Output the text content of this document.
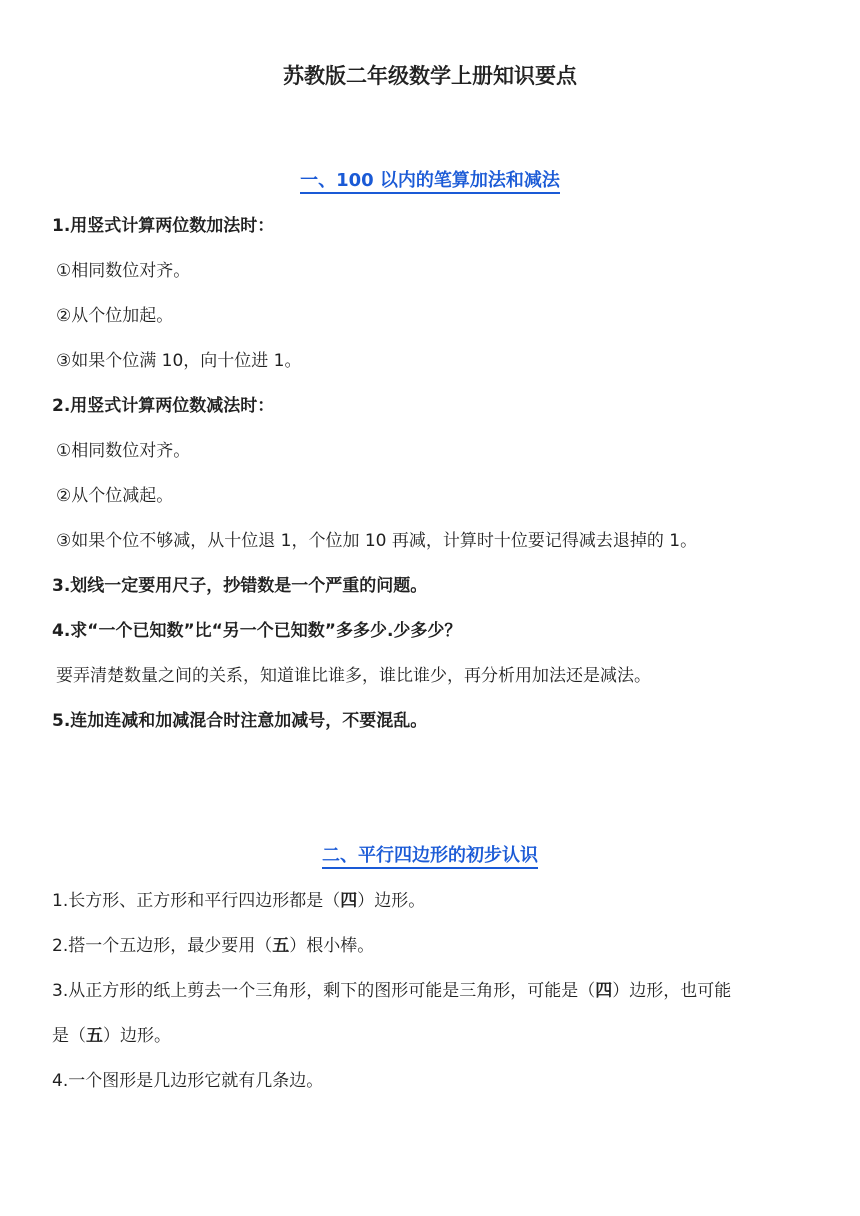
苏教版二年级数学上册知识要点
一、100 以内的笔算加法和减法
1.用竖式计算两位数加法时：
①相同数位对齐。
②从个位加起。
③如果个位满 10，向十位进 1。
2.用竖式计算两位数减法时：
①相同数位对齐。
②从个位减起。
③如果个位不够减，从十位退 1，个位加 10 再减，计算时十位要记得减去退掉的 1。
3.划线一定要用尺子，抄错数是一个严重的问题。
4.求“一个已知数”比“另一个已知数”多多少.少多少？
要弄清楚数量之间的关系，知道谁比谁多，谁比谁少，再分析用加法还是减法。
5.连加连减和加减混合时注意加减号，不要混乱。
二、平行四边形的初步认识
1.长方形、正方形和平行四边形都是（四）边形。
2.搭一个五边形，最少要用（五）根小棒。
3.从正方形的纸上剪去一个三角形，剩下的图形可能是三角形，可能是（四）边形，也可能
是（五）边形。
4.一个图形是几边形它就有几条边。
